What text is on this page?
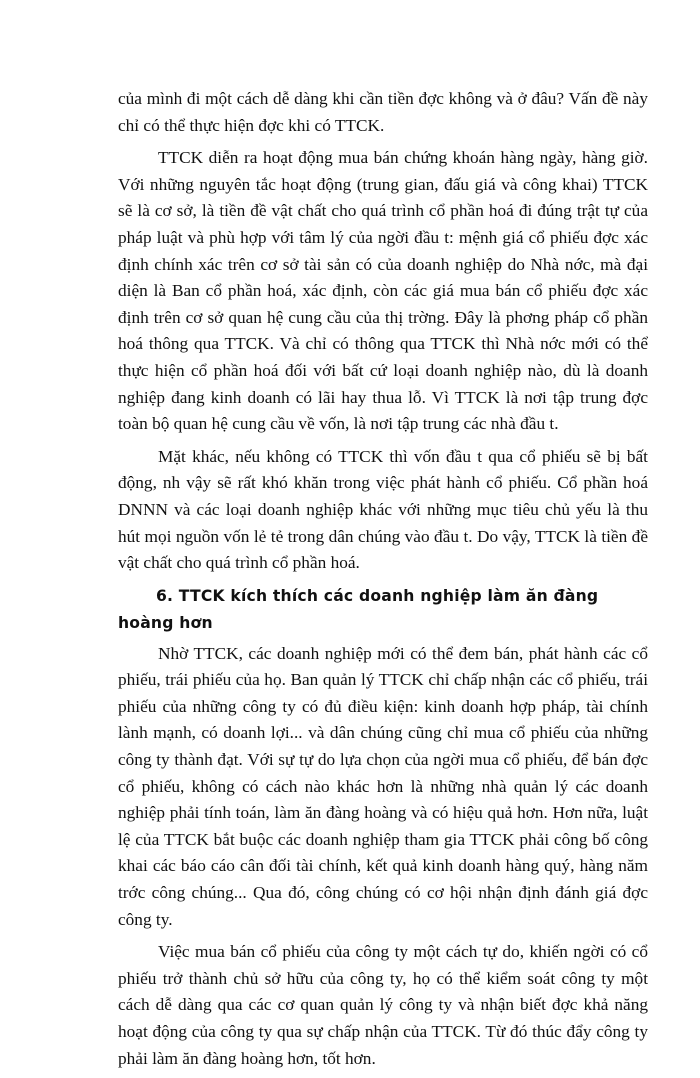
của mình đi một cách dễ dàng khi cần tiền đợc không và ở đâu? Vấn đề này chỉ có thể thực hiện đợc khi có TTCK.

TTCK diễn ra hoạt động mua bán chứng khoán hàng ngày, hàng giờ. Với những nguyên tắc hoạt động (trung gian, đấu giá và công khai) TTCK sẽ là cơ sở, là tiền đề vật chất cho quá trình cổ phần hoá đi đúng trật tự của pháp luật và phù hợp với tâm lý của ngời đầu t: mệnh giá cổ phiếu đợc xác định chính xác trên cơ sở tài sản có của doanh nghiệp do Nhà nớc, mà đại diện là Ban cổ phần hoá, xác định, còn các giá mua bán cổ phiếu đợc xác định trên cơ sở quan hệ cung cầu của thị trờng. Đây là phơng pháp cổ phần hoá thông qua TTCK. Và chỉ có thông qua TTCK thì Nhà nớc mới có thể thực hiện cổ phần hoá đối với bất cứ loại doanh nghiệp nào, dù là doanh nghiệp đang kinh doanh có lãi hay thua lỗ. Vì TTCK là nơi tập trung đợc toàn bộ quan hệ cung cầu về vốn, là nơi tập trung các nhà đầu t.

Mặt khác, nếu không có TTCK thì vốn đầu t qua cổ phiếu sẽ bị bất động, nh vậy sẽ rất khó khăn trong việc phát hành cổ phiếu. Cổ phần hoá DNNN và các loại doanh nghiệp khác với những mục tiêu chủ yếu là thu hút mọi nguồn vốn lẻ tẻ trong dân chúng vào đầu t. Do vậy, TTCK là tiền đề vật chất cho quá trình cổ phần hoá.

6. TTCK kích thích các doanh nghiệp làm ăn đàng hoàng hơn

Nhờ TTCK, các doanh nghiệp mới có thể đem bán, phát hành các cổ phiếu, trái phiếu của họ. Ban quản lý TTCK chỉ chấp nhận các cổ phiếu, trái phiếu của những công ty có đủ điều kiện: kinh doanh hợp pháp, tài chính lành mạnh, có doanh lợi... và dân chúng cũng chỉ mua cổ phiếu của những công ty thành đạt. Với sự tự do lựa chọn của ngời mua cổ phiếu, để bán đợc cổ phiếu, không có cách nào khác hơn là những nhà quản lý các doanh nghiệp phải tính toán, làm ăn đàng hoàng và có hiệu quả hơn. Hơn nữa, luật lệ của TTCK bắt buộc các doanh nghiệp tham gia TTCK phải công bố công khai các báo cáo cân đối tài chính, kết quả kinh doanh hàng quý, hàng năm trớc công chúng... Qua đó, công chúng có cơ hội nhận định đánh giá đợc công ty.

Việc mua bán cổ phiếu của công ty một cách tự do, khiến ngời có cổ phiếu trở thành chủ sở hữu của công ty, họ có thể kiểm soát công ty một cách dễ dàng qua các cơ quan quản lý công ty và nhận biết đợc khả năng hoạt động của công ty qua sự chấp nhận của TTCK. Từ đó thúc đẩy công ty phải làm ăn đàng hoàng hơn, tốt hơn.
